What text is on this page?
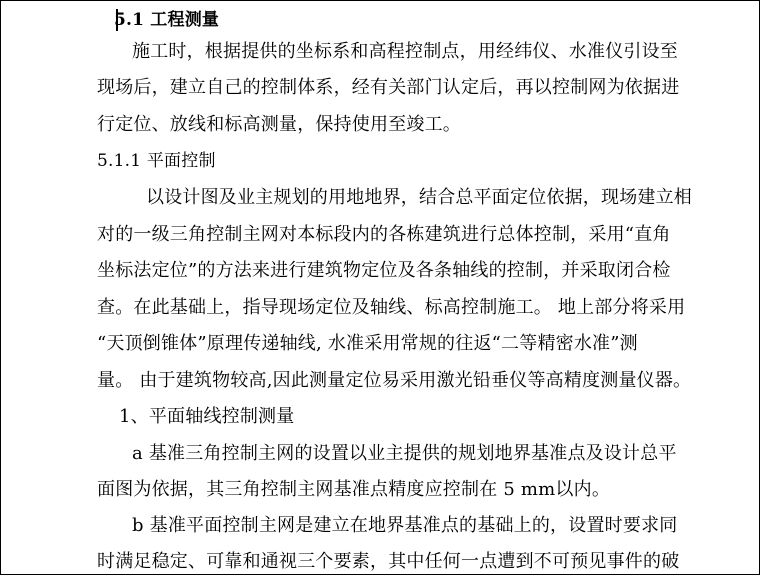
5.1 工程测量
施工时，根据提供的坐标系和高程控制点，用经纬仪、水准仪引设至
现场后，建立自己的控制体系，经有关部门认定后，再以控制网为依据进
行定位、放线和标高测量，保持使用至竣工。
5.1.1 平面控制
以设计图及业主规划的用地地界，结合总平面定位依据，现场建立相
对的一级三角控制主网对本标段内的各栋建筑进行总体控制，采用“直角
坐标法定位”的方法来进行建筑物定位及各条轴线的控制，并采取闭合检
查。在此基础上，指导现场定位及轴线、标高控制施工。 地上部分将采用
“天顶倒锥体”原理传递轴线, 水准采用常规的往返“二等精密水准”测
量。 由于建筑物较高,因此测量定位易采用激光铅垂仪等高精度测量仪器。
1、平面轴线控制测量
a 基准三角控制主网的设置以业主提供的规划地界基准点及设计总平
面图为依据，其三角控制主网基准点精度应控制在 5 mm以内。
b 基准平面控制主网是建立在地界基准点的基础上的，设置时要求同
时满足稳定、可靠和通视三个要素，其中任何一点遭到不可预见事件的破
